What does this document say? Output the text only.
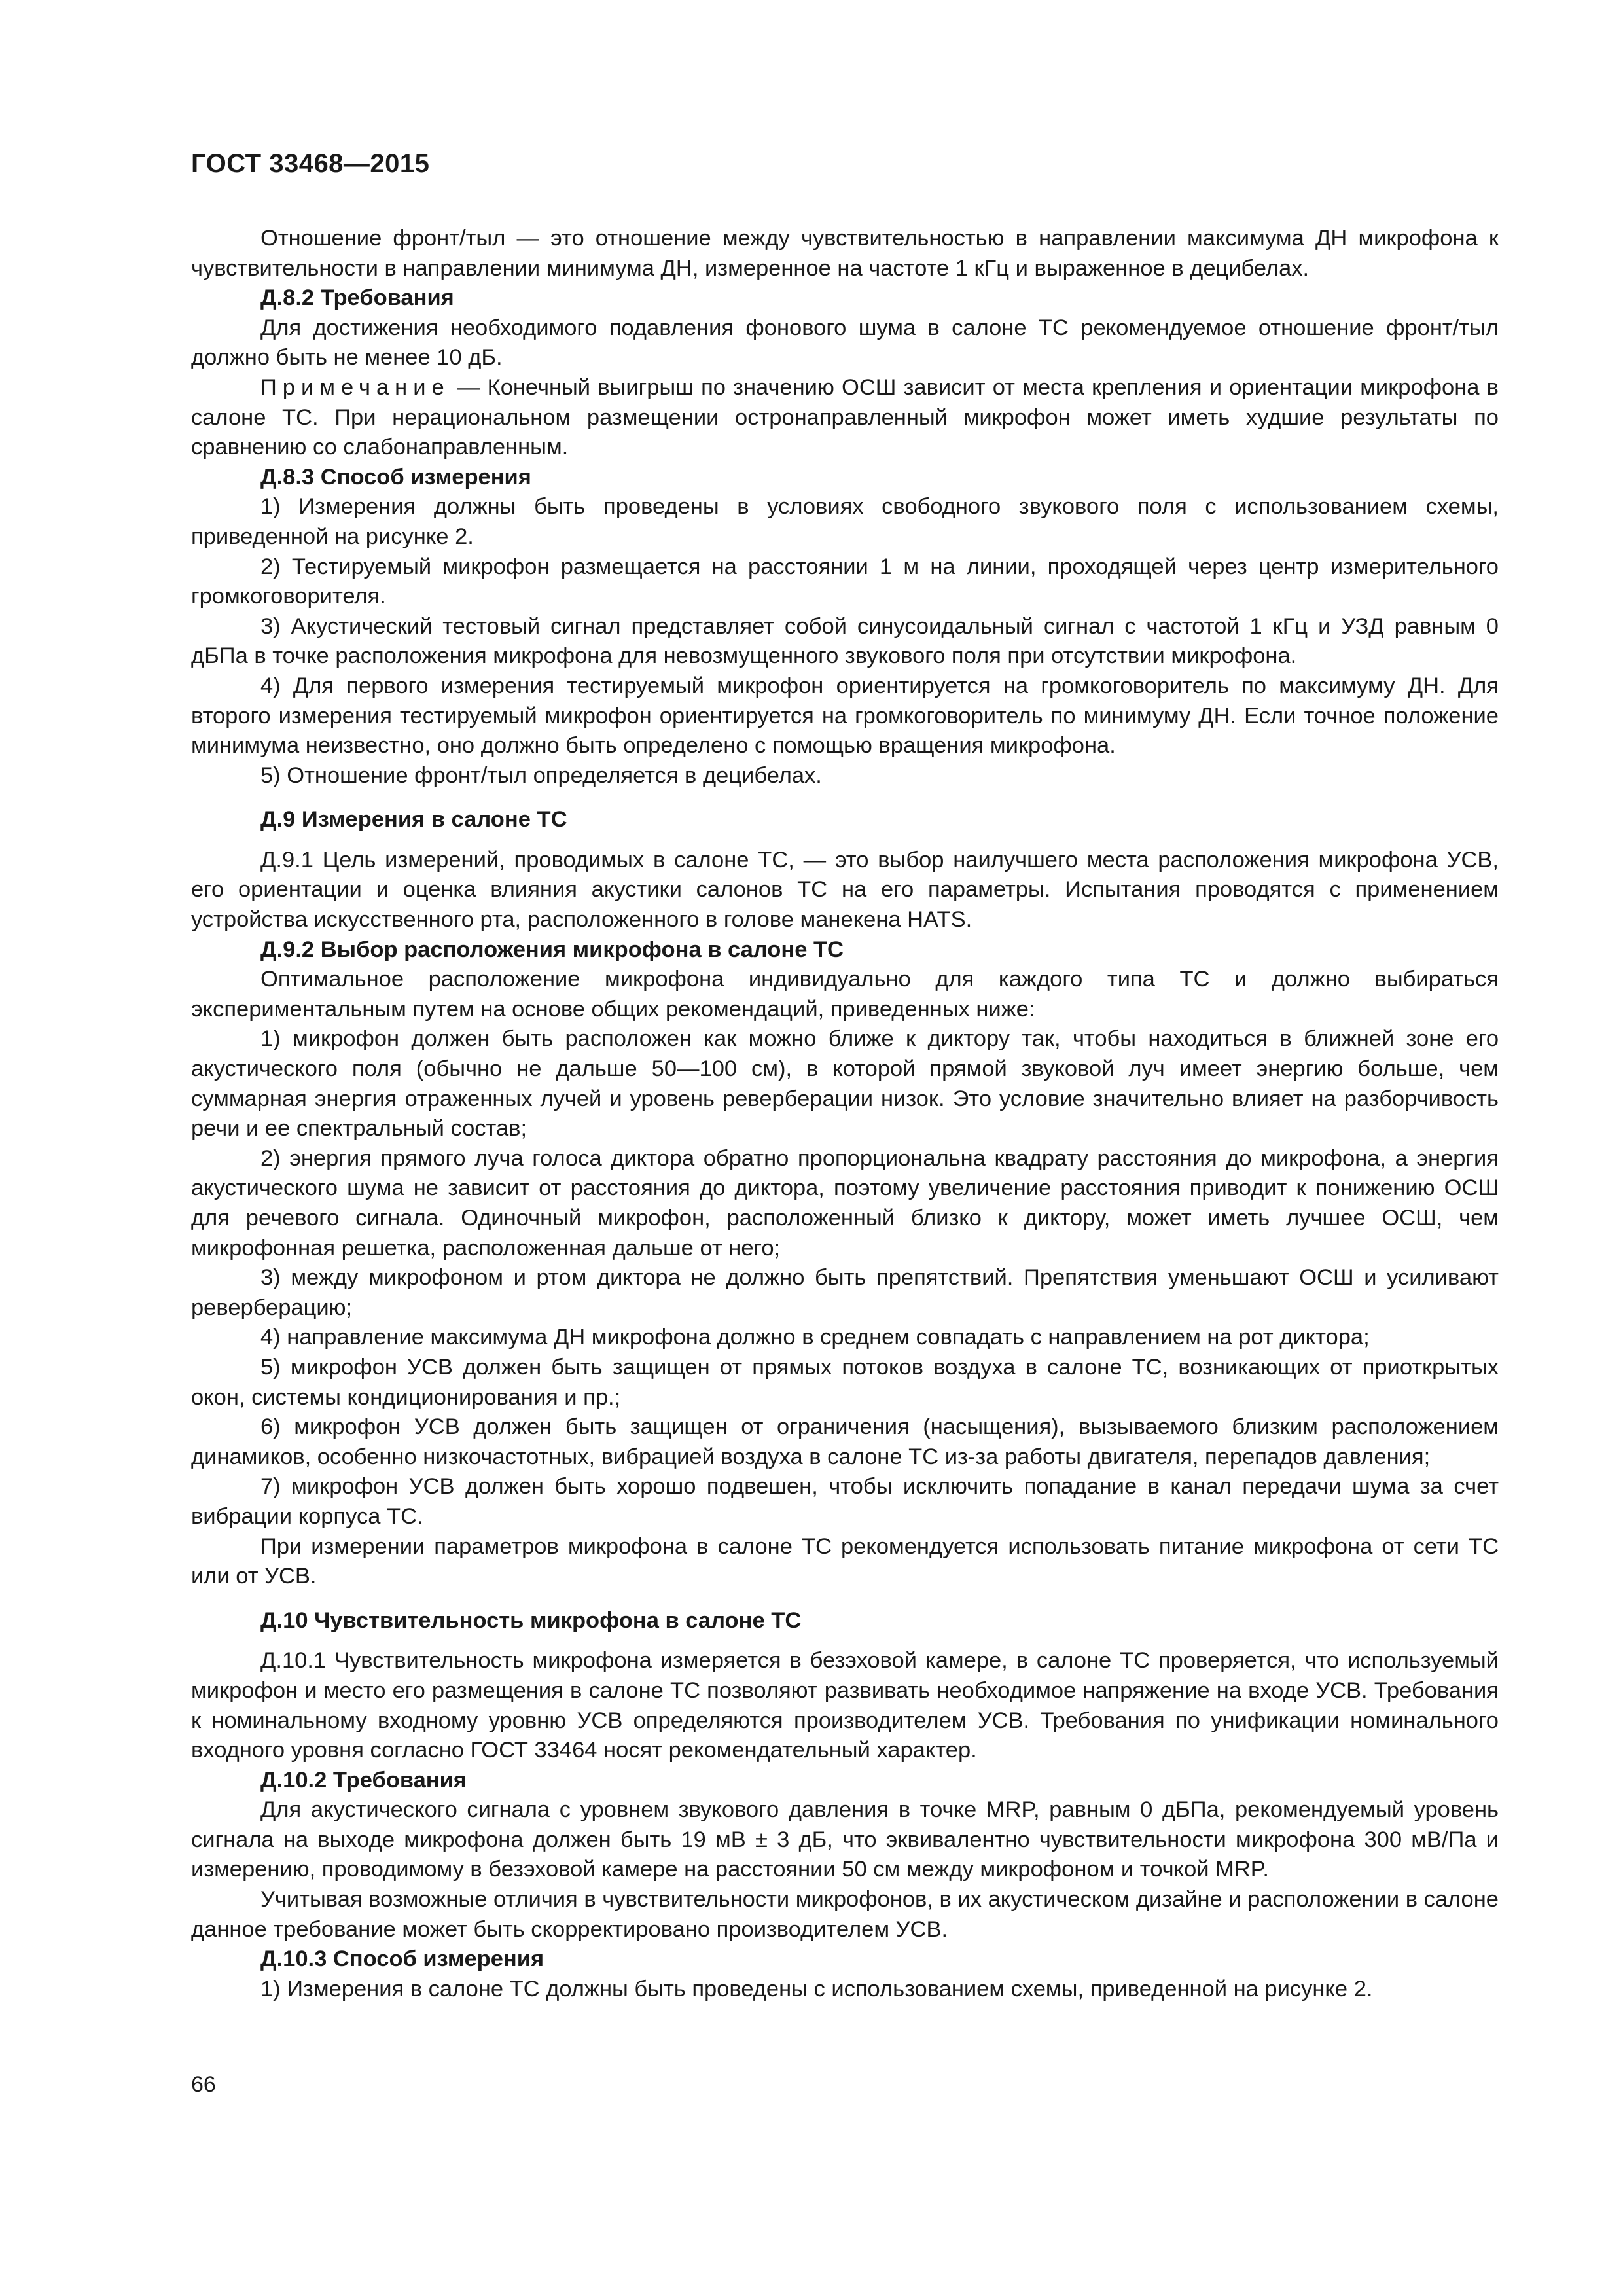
ГОСТ 33468—2015

Отношение фронт/тыл — это отношение между чувствительностью в направлении максимума ДН микрофона к чувствительности в направлении минимума ДН, измеренное на частоте 1 кГц и выраженное в децибелах.

Д.8.2 Требования

Для достижения необходимого подавления фонового шума в салоне ТС рекомендуемое отношение фронт/тыл должно быть не менее 10 дБ.

Примечание — Конечный выигрыш по значению ОСШ зависит от места крепления и ориентации микрофона в салоне ТС. При нерациональном размещении остронаправленный микрофон может иметь худшие результаты по сравнению со слабонаправленным.

Д.8.3 Способ измерения

1) Измерения должны быть проведены в условиях свободного звукового поля с использованием схемы, приведенной на рисунке 2.

2) Тестируемый микрофон размещается на расстоянии 1 м на линии, проходящей через центр измерительного громкоговорителя.

3) Акустический тестовый сигнал представляет собой синусоидальный сигнал с частотой 1 кГц и УЗД равным 0 дБПа в точке расположения микрофона для невозмущенного звукового поля при отсутствии микрофона.

4) Для первого измерения тестируемый микрофон ориентируется на громкоговоритель по максимуму ДН. Для второго измерения тестируемый микрофон ориентируется на громкоговоритель по минимуму ДН. Если точное положение минимума неизвестно, оно должно быть определено с помощью вращения микрофона.

5) Отношение фронт/тыл определяется в децибелах.

Д.9 Измерения в салоне ТС

Д.9.1 Цель измерений, проводимых в салоне ТС, — это выбор наилучшего места расположения микрофона УСВ, его ориентации и оценка влияния акустики салонов ТС на его параметры. Испытания проводятся с применением устройства искусственного рта, расположенного в голове манекена HATS.

Д.9.2 Выбор расположения микрофона в салоне ТС

Оптимальное расположение микрофона индивидуально для каждого типа ТС и должно выбираться экспериментальным путем на основе общих рекомендаций, приведенных ниже:

1) микрофон должен быть расположен как можно ближе к диктору так, чтобы находиться в ближней зоне его акустического поля (обычно не дальше 50—100 см), в которой прямой звуковой луч имеет энергию больше, чем суммарная энергия отраженных лучей и уровень реверберации низок. Это условие значительно влияет на разборчивость речи и ее спектральный состав;

2) энергия прямого луча голоса диктора обратно пропорциональна квадрату расстояния до микрофона, а энергия акустического шума не зависит от расстояния до диктора, поэтому увеличение расстояния приводит к понижению ОСШ для речевого сигнала. Одиночный микрофон, расположенный близко к диктору, может иметь лучшее ОСШ, чем микрофонная решетка, расположенная дальше от него;

3) между микрофоном и ртом диктора не должно быть препятствий. Препятствия уменьшают ОСШ и усиливают реверберацию;

4) направление максимума ДН микрофона должно в среднем совпадать с направлением на рот диктора;

5) микрофон УСВ должен быть защищен от прямых потоков воздуха в салоне ТС, возникающих от приоткрытых окон, системы кондиционирования и пр.;

6) микрофон УСВ должен быть защищен от ограничения (насыщения), вызываемого близким расположением динамиков, особенно низкочастотных, вибрацией воздуха в салоне ТС из-за работы двигателя, перепадов давления;

7) микрофон УСВ должен быть хорошо подвешен, чтобы исключить попадание в канал передачи шума за счет вибрации корпуса ТС.

При измерении параметров микрофона в салоне ТС рекомендуется использовать питание микрофона от сети ТС или от УСВ.

Д.10 Чувствительность микрофона в салоне ТС

Д.10.1 Чувствительность микрофона измеряется в безэховой камере, в салоне ТС проверяется, что используемый микрофон и место его размещения в салоне ТС позволяют развивать необходимое напряжение на входе УСВ. Требования к номинальному входному уровню УСВ определяются производителем УСВ. Требования по унификации номинального входного уровня согласно ГОСТ 33464 носят рекомендательный характер.

Д.10.2 Требования

Для акустического сигнала с уровнем звукового давления в точке MRP, равным 0 дБПа, рекомендуемый уровень сигнала на выходе микрофона должен быть 19 мВ ± 3 дБ, что эквивалентно чувствительности микрофона 300 мВ/Па и измерению, проводимому в безэховой камере на расстоянии 50 см между микрофоном и точкой MRP.

Учитывая возможные отличия в чувствительности микрофонов, в их акустическом дизайне и расположении в салоне данное требование может быть скорректировано производителем УСВ.

Д.10.3 Способ измерения

1) Измерения в салоне ТС должны быть проведены с использованием схемы, приведенной на рисунке 2.

66
